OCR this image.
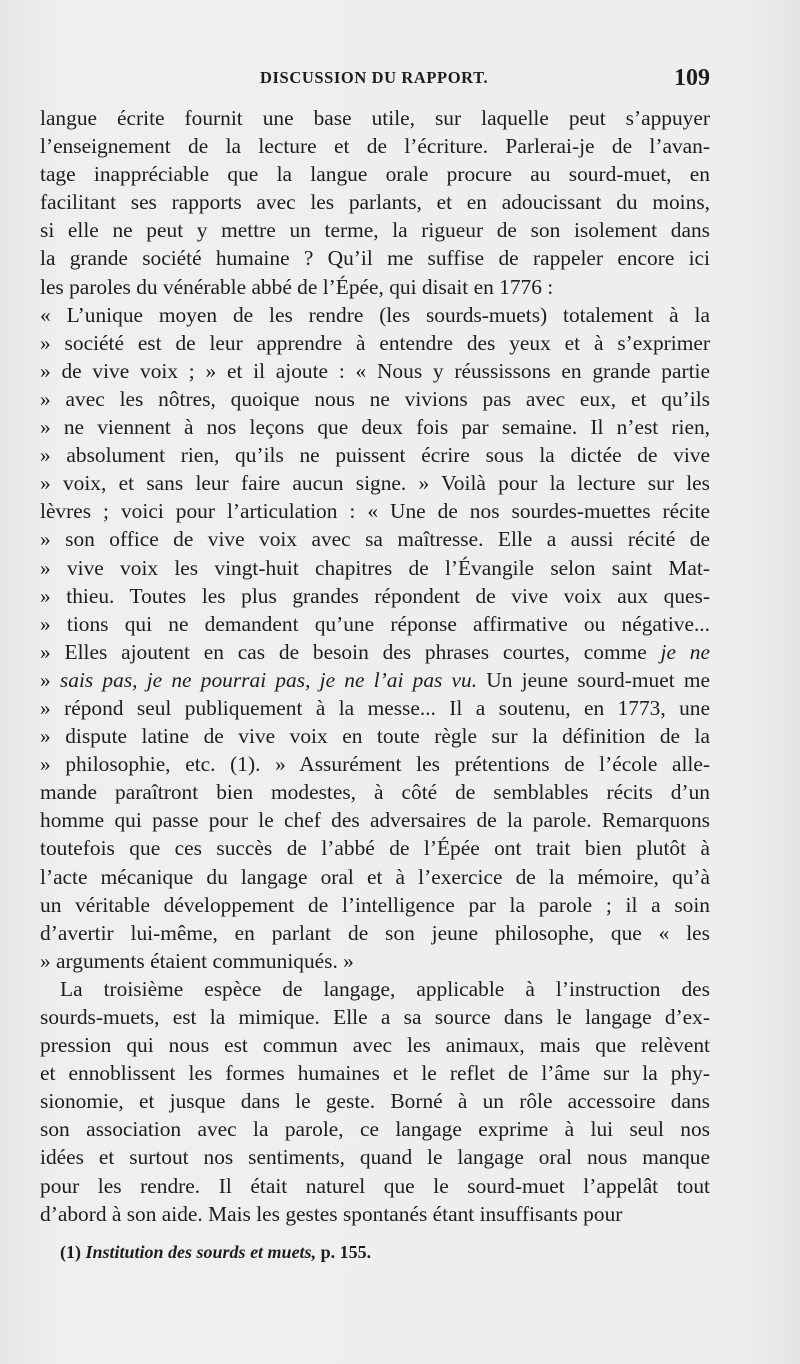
DISCUSSION DU RAPPORT.	109
langue écrite fournit une base utile, sur laquelle peut s’appuyer
l’enseignement de la lecture et de l’écriture. Parlerai-je de l’avan-
tage inappréciable que la langue orale procure au sourd-muet, en
facilitant ses rapports avec les parlants, et en adoucissant du moins,
si elle ne peut y mettre un terme, la rigueur de son isolement dans
la grande société humaine ? Qu’il me suffise de rappeler encore ici
les paroles du vénérable abbé de l’Épée, qui disait en 1776 :
« L’unique moyen de les rendre (les sourds-muets) totalement à la
» société est de leur apprendre à entendre des yeux et à s’exprimer
» de vive voix ; » et il ajoute : « Nous y réussissons en grande partie
» avec les nôtres, quoique nous ne vivions pas avec eux, et qu’ils
» ne viennent à nos leçons que deux fois par semaine. Il n’est rien,
» absolument rien, qu’ils ne puissent écrire sous la dictée de vive
» voix, et sans leur faire aucun signe. » Voilà pour la lecture sur les
lèvres ; voici pour l’articulation : « Une de nos sourdes-muettes récite
» son office de vive voix avec sa maîtresse. Elle a aussi récité de
» vive voix les vingt-huit chapitres de l’Évangile selon saint Mat-
» thieu. Toutes les plus grandes répondent de vive voix aux ques-
» tions qui ne demandent qu’une réponse affirmative ou négative...
» Elles ajoutent en cas de besoin des phrases courtes, comme je ne
» sais pas, je ne pourrai pas, je ne l’ai pas vu. Un jeune sourd-muet me
» répond seul publiquement à la messe... Il a soutenu, en 1773, une
» dispute latine de vive voix en toute règle sur la définition de la
» philosophie, etc. (1). » Assurément les prétentions de l’école alle-
mande paraîtront bien modestes, à côté de semblables récits d’un
homme qui passe pour le chef des adversaires de la parole. Remarquons
toutefois que ces succès de l’abbé de l’Épée ont trait bien plutôt à
l’acte mécanique du langage oral et à l’exercice de la mémoire, qu’à
un véritable développement de l’intelligence par la parole ; il a soin
d’avertir lui-même, en parlant de son jeune philosophe, que « les
» arguments étaient communiqués. »
La troisième espèce de langage, applicable à l’instruction des
sourds-muets, est la mimique. Elle a sa source dans le langage d’ex-
pression qui nous est commun avec les animaux, mais que relèvent
et ennoblissent les formes humaines et le reflet de l’âme sur la phy-
sionomie, et jusque dans le geste. Borné à un rôle accessoire dans
son association avec la parole, ce langage exprime à lui seul nos
idées et surtout nos sentiments, quand le langage oral nous manque
pour les rendre. Il était naturel que le sourd-muet l’appelât tout
d’abord à son aide. Mais les gestes spontanés étant insuffisants pour
(1) Institution des sourds et muets, p. 155.
